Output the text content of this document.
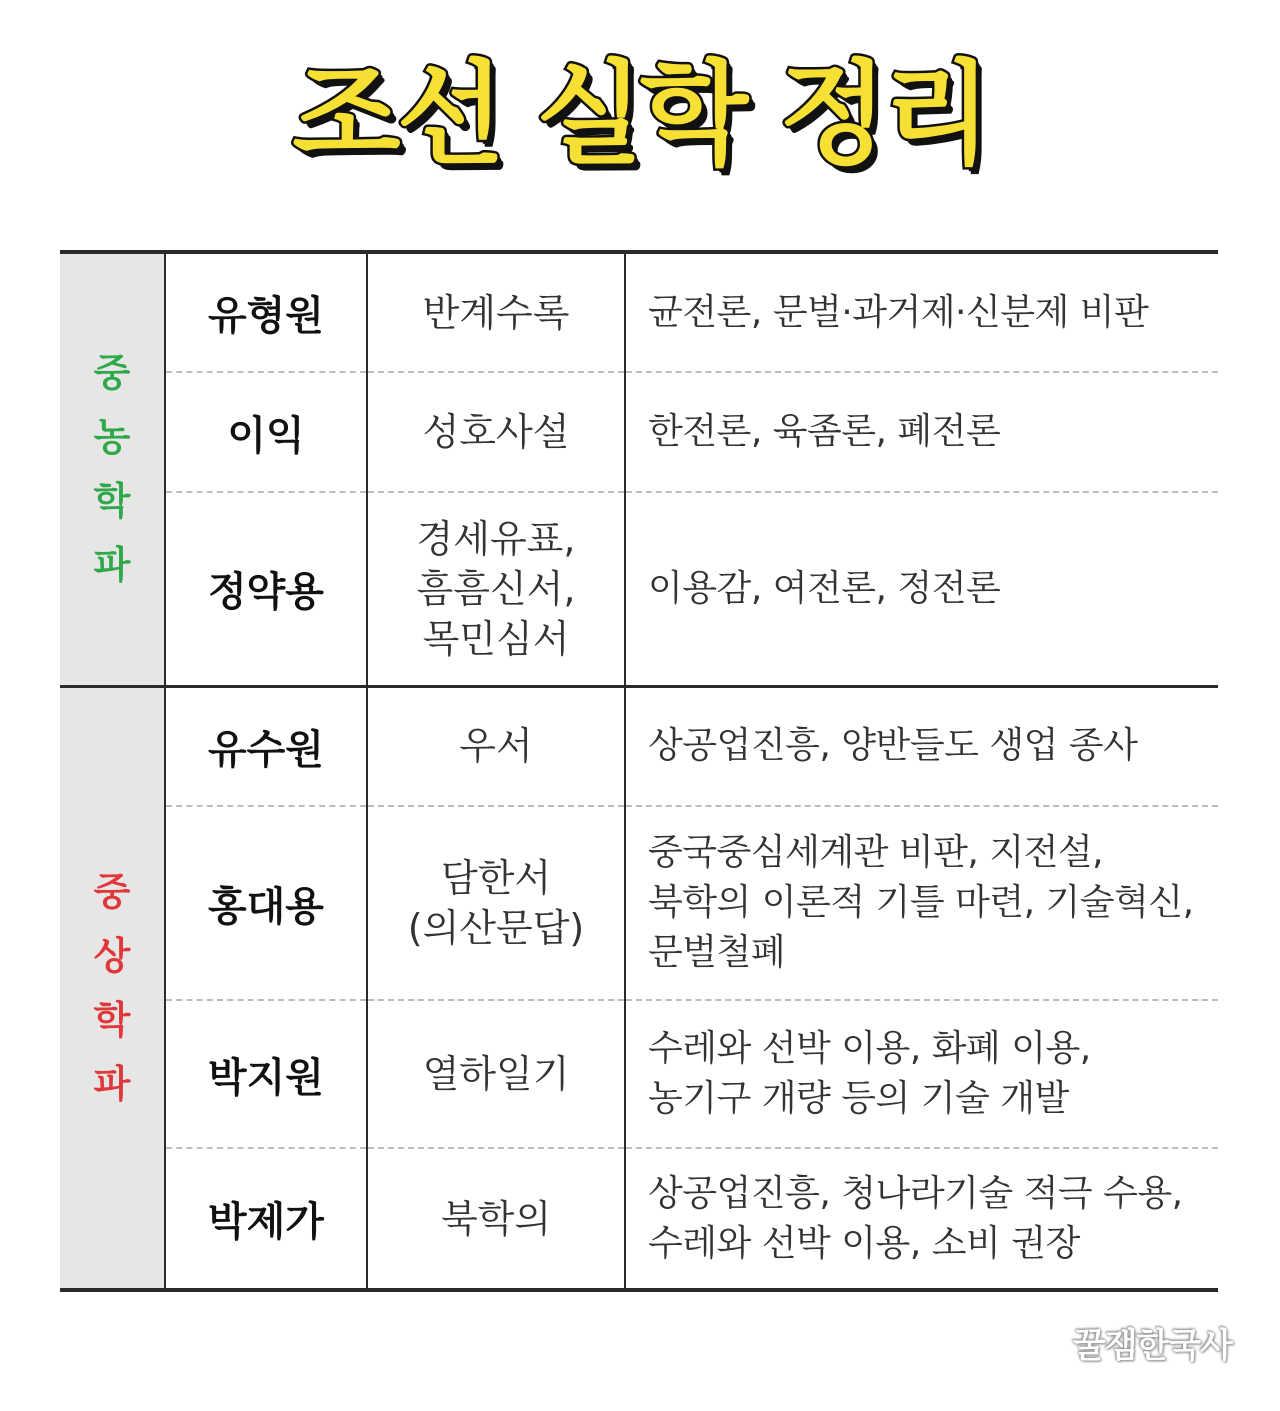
조선 실학 정리
중농학파	유형원	반계수록	균전론, 문벌·과거제·신분제 비판
	이익	성호사설	한전론, 육좀론, 폐전론
	정약용	경세유표,
흠흠신서,
목민심서	이용감, 여전론, 정전론
중상학파	유수원	우서	상공업진흥, 양반들도 생업 종사
	홍대용	담한서
(의산문답)	중국중심세계관 비판, 지전설,
북학의 이론적 기틀 마련, 기술혁신,
문벌철폐
	박지원	열하일기	수레와 선박 이용, 화폐 이용,
농기구 개량 등의 기술 개발
	박제가	북학의	상공업진흥, 청나라기술 적극 수용,
수레와 선박 이용, 소비 권장
꿀잼한국사
